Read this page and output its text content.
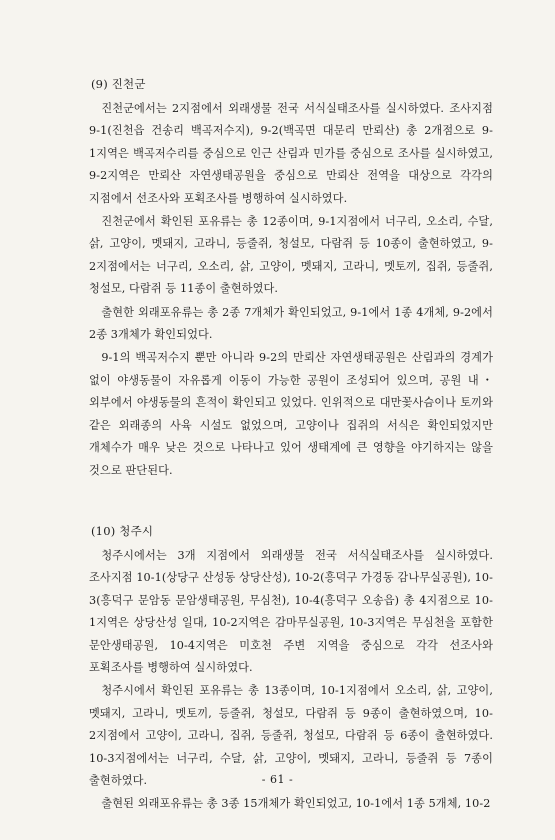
(9) 진천군

진천군에서는 2지점에서 외래생물 전국 서식실태조사를 실시하였다. 조사지점 9-1(진천읍 건송리 백곡저수지), 9-2(백곡면 대문리 만뢰산) 총 2개점으로 9-1지역은 백곡저수리를 중심으로 인근 산림과 민가를 중심으로 조사를 실시하였고, 9-2지역은 만뢰산 자연생태공원을 중심으로 만뢰산 전역을 대상으로 각각의 지점에서 선조사와 포획조사를 병행하여 실시하였다.

진천군에서 확인된 포유류는 총 12종이며, 9-1지점에서 너구리, 오소리, 수달, 삵, 고양이, 멧돼지, 고라니, 등줄쥐, 청설모, 다람쥐 등 10종이 출현하였고, 9-2지점에서는 너구리, 오소리, 삵, 고양이, 멧돼지, 고라니, 멧토끼, 집쥐, 등줄쥐, 청설모, 다람쥐 등 11종이 출현하였다.

출현한 외래포유류는 총 2종 7개체가 확인되었고, 9-1에서 1종 4개체, 9-2에서 2종 3개체가 확인되었다.

9-1의 백곡저수지 뿐만 아니라 9-2의 만뢰산 자연생태공원은 산림과의 경계가 없이 야생동물이 자유롭게 이동이 가능한 공원이 조성되어 있으며, 공원 내・외부에서 야생동물의 흔적이 확인되고 있었다. 인위적으로 대만꽃사슴이나 토끼와 같은 외래종의 사육 시설도 없었으며, 고양이나 집쥐의 서식은 확인되었지만 개체수가 매우 낮은 것으로 나타나고 있어 생태계에 큰 영향을 야기하지는 않을 것으로 판단된다.

(10) 청주시

청주시에서는 3개 지점에서 외래생물 전국 서식실태조사를 실시하였다. 조사지점 10-1(상당구 산성동 상당산성), 10-2(흥덕구 가경동 감나무실공원), 10-3(흥덕구 문암동 문암생태공원, 무심천), 10-4(흥덕구 오송읍) 총 4지점으로 10-1지역은 상당산성 일대, 10-2지역은 감마무실공원, 10-3지역은 무심천을 포함한 문안생태공원, 10-4지역은 미호천 주변 지역을 중심으로 각각 선조사와 포획조사를 병행하여 실시하였다.

청주시에서 확인된 포유류는 총 13종이며, 10-1지점에서 오소리, 삵, 고양이, 멧돼지, 고라니, 멧토끼, 등줄쥐, 청설모, 다람쥐 등 9종이 출현하였으며, 10-2지점에서 고양이, 고라니, 집쥐, 등줄쥐, 청설모, 다람쥐 등 6종이 출현하였다. 10-3지점에서는 너구리, 수달, 삵, 고양이, 멧돼지, 고라니, 등줄쥐 등 7종이 출현하였다.

출현된 외래포유류는 총 3종 15개체가 확인되었고, 10-1에서 1종 5개체, 10-2

- 61 -
